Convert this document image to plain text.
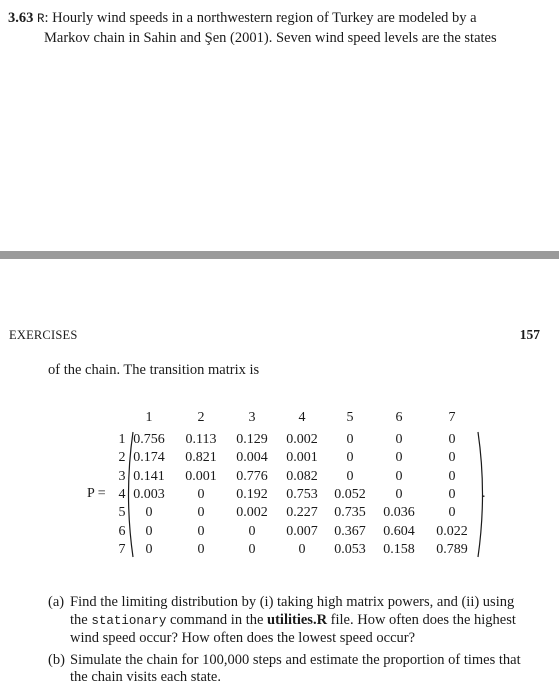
3.63 R: Hourly wind speeds in a northwestern region of Turkey are modeled by a
Markov chain in Sahin and Şen (2001). Seven wind speed levels are the states
EXERCISES	157
of the chain. The transition matrix is
P =	.
1	2	3	4	5	6	7
1 0.756	0.113	0.129	0.002	0	0	0
2 0.174	0.821	0.004	0.001	0	0	0
3 0.141	0.001	0.776	0.082	0	0	0
4 0.003	0	0.192	0.753	0.052	0	0
5	0	0	0.002	0.227	0.735	0.036	0
6	0	0	0	0.007	0.367	0.604	0.022
7	0	0	0	0	0.053	0.158	0.789
(a) Find the limiting distribution by (i) taking high matrix powers, and (ii) using the stationary command in the utilities.R file. How often does the highest wind speed occur? How often does the lowest speed occur?
(b) Simulate the chain for 100,000 steps and estimate the proportion of times that the chain visits each state.
